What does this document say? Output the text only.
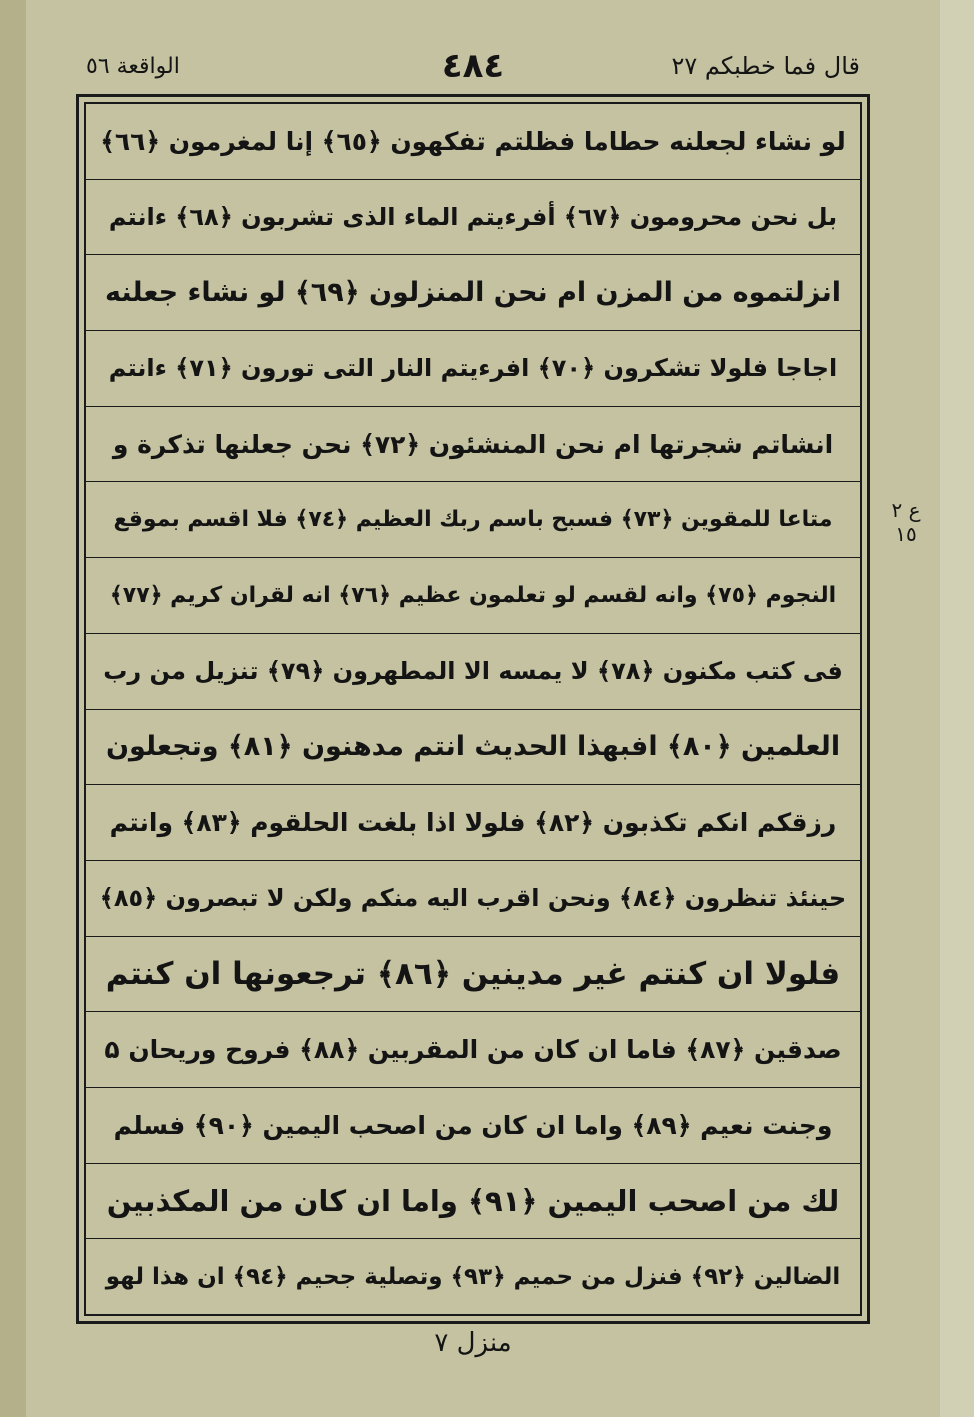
قال فما خطبکم ٢٧
٤٨٤
الواقعة ٥٦
لو نشاء لجعلنه حطاما فظلتم تفکهون ﴿٦٥﴾ إنا لمغرمون ﴿٦٦﴾
بل نحن محرومون ﴿٦٧﴾ أفرءيتم الماء الذى تشربون ﴿٦٨﴾ ءانتم
انزلتموه من المزن ام نحن المنزلون ﴿٦٩﴾ لو نشاء جعلنه
اجاجا فلولا تشکرون ﴿٧٠﴾ افرءيتم النار التى تورون ﴿٧١﴾ ءانتم
انشاتم شجرتها ام نحن المنشئون ﴿٧٢﴾ نحن جعلنها تذکرة و
متاعا للمقوين ﴿٧٣﴾ فسبح باسم ربك العظيم ﴿٧٤﴾ فلا اقسم بموقع
النجوم ﴿٧٥﴾ وانه لقسم لو تعلمون عظيم ﴿٧٦﴾ انه لقران کريم ﴿٧٧﴾
فى کتب مکنون ﴿٧٨﴾ لا يمسه الا المطهرون ﴿٧٩﴾ تنزيل من رب
العلمين ﴿٨٠﴾ افبهذا الحديث انتم مدهنون ﴿٨١﴾ وتجعلون
رزقکم انکم تکذبون ﴿٨٢﴾ فلولا اذا بلغت الحلقوم ﴿٨٣﴾ وانتم
حينئذ تنظرون ﴿٨٤﴾ ونحن اقرب اليه منکم ولکن لا تبصرون ﴿٨٥﴾
فلولا ان کنتم غير مدينين ﴿٨٦﴾ ترجعونها ان کنتم
صدقين ﴿٨٧﴾ فاما ان کان من المقربين ﴿٨٨﴾ فروح وريحان ۵
وجنت نعيم ﴿٨٩﴾ واما ان کان من اصحب اليمين ﴿٩٠﴾ فسلم
لك من اصحب اليمين ﴿٩١﴾ واما ان کان من المکذبين
الضالين ﴿٩٢﴾ فنزل من حميم ﴿٩٣﴾ وتصلية جحيم ﴿٩٤﴾ ان هذا لهو
ع ٢
١٥
منزل ٧
